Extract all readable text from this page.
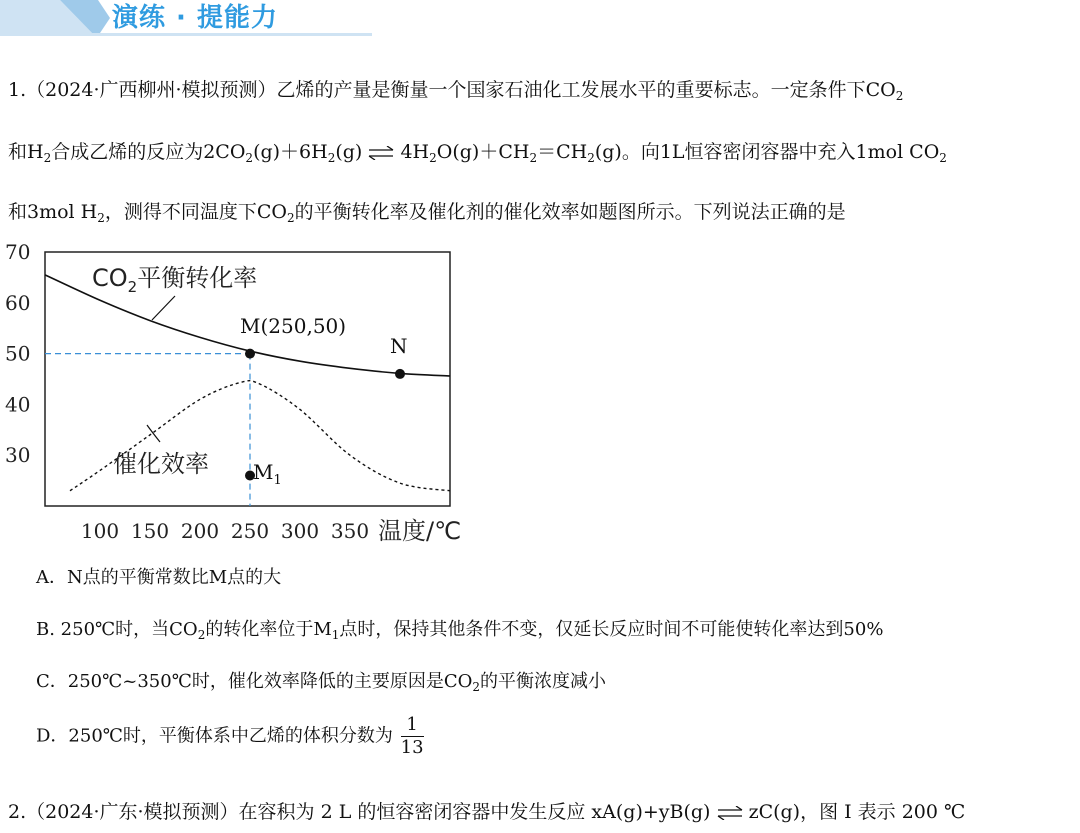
演练 · 提能力
1.（2024·广西柳州·模拟预测）乙烯的产量是衡量一个国家石油化工发展水平的重要标志。一定条件下$CO_2$
和$H_2$合成乙烯的反应为$2CO_2(g)+6H_2(g)$ ⇌ $4H_2O(g)+CH_2=CH_2(g)$。向1L恒容密闭容器中充入1mol $CO_2$
和3mol $H_2$，测得不同温度下$CO_2$的平衡转化率及催化剂的催化效率如题图所示。下列说法正确的是
70
60
50
40
30
100 150 200 250 300 350 温度/℃
$CO_2$平衡转化率
催化效率
M(250,50)
N
$M_1$
A．N点的平衡常数比M点的大
B. 250℃时，当$CO_2$的转化率位于$M_1$点时，保持其他条件不变，仅延长反应时间不可能使转化率达到50%
C．250℃~350℃时，催化效率降低的主要原因是$CO_2$的平衡浓度减小
D．250℃时，平衡体系中乙烯的体积分数为 $\frac{1}{13}$
2.（2024·广东·模拟预测）在容积为 2 L 的恒容密闭容器中发生反应 xA(g)+yB(g) ⇌ zC(g)，图 I 表示 200 ℃
